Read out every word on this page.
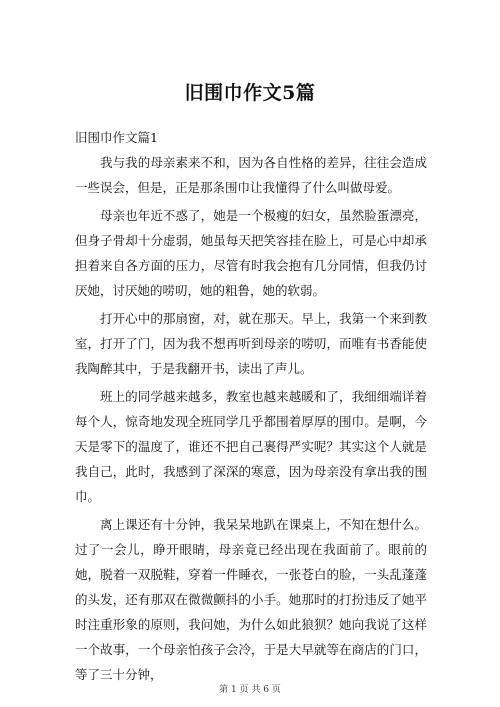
旧围巾作文5篇
旧围巾作文篇1

我与我的母亲素来不和，因为各自性格的差异，往往会造成一些误会，但是，正是那条围巾让我懂得了什么叫做母爱。

母亲也年近不惑了，她是一个极瘦的妇女，虽然脸蛋漂亮，但身子骨却十分虚弱，她虽每天把笑容挂在脸上，可是心中却承担着来自各方面的压力，尽管有时我会抱有几分同情，但我仍讨厌她，讨厌她的唠叨，她的粗鲁，她的软弱。

打开心中的那扇窗，对，就在那天。早上，我第一个来到教室，打开了门，因为我不想再听到母亲的唠叨，而唯有书香能使我陶醉其中，于是我翻开书，读出了声儿。

班上的同学越来越多，教室也越来越暖和了，我细细端详着每个人，惊奇地发现全班同学几乎都围着厚厚的围巾。是啊，今天是零下的温度了，谁还不把自己裹得严实呢？其实这个人就是我自己，此时，我感到了深深的寒意，因为母亲没有拿出我的围巾。

离上课还有十分钟，我呆呆地趴在课桌上，不知在想什么。过了一会儿，睁开眼睛，母亲竟已经出现在我面前了。眼前的她，脱着一双脱鞋，穿着一件睡衣，一张苍白的脸，一头乱蓬蓬的头发，还有那双在微微颤抖的小手。她那时的打扮违反了她平时注重形象的原则，我问她，为什么如此狼狈？她向我说了这样一个故事，一个母亲怕孩子会冷，于是大早就等在商店的门口，等了三十分钟，

第 1 页 共 6 页
